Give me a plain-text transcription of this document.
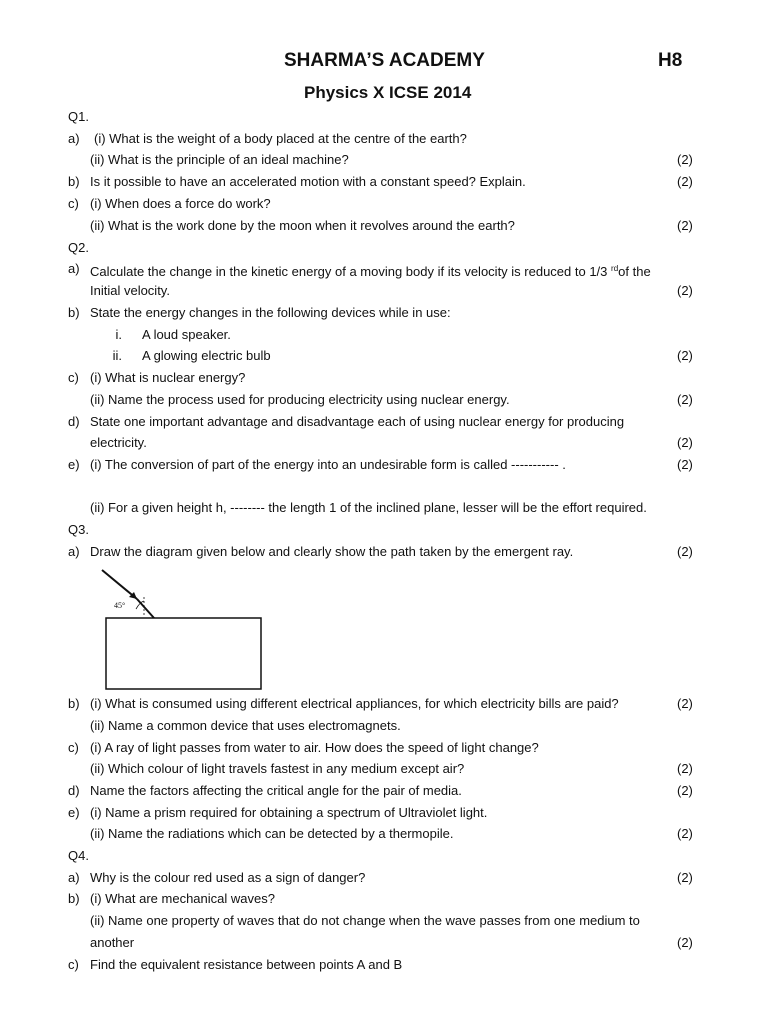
SHARMA’S ACADEMY	H8
Physics X ICSE 2014
Q1.
a) (i) What is the weight of a body placed at the centre of the earth?
(ii) What is the principle of an ideal machine?	(2)
b) Is it possible to have an accelerated motion with a constant speed? Explain.	(2)
c) (i) When does a force do work?
(ii) What is the work done by the moon when it revolves around the earth?	(2)
Q2.
a) Calculate the change in the kinetic energy of a moving body if its velocity is reduced to 1/3 $^{rd}$of the
Initial velocity.	(2)
b) State the energy changes in the following devices while in use:
i. A loud speaker.
ii. A glowing electric bulb	(2)
c) (i) What is nuclear energy?
(ii) Name the process used for producing electricity using nuclear energy.	(2)
d) State one important advantage and disadvantage each of using nuclear energy for producing
electricity.	(2)
e) (i) The conversion of part of the energy into an undesirable form is called ----------- .	(2)
(ii) For a given height h, -------- the length 1 of the inclined plane, lesser will be the effort required.
Q3.
a) Draw the diagram given below and clearly show the path taken by the emergent ray.	(2)
45°
b) (i) What is consumed using different electrical appliances, for which electricity bills are paid?	(2)
(ii) Name a common device that uses electromagnets.
c) (i) A ray of light passes from water to air. How does the speed of light change?
(ii) Which colour of light travels fastest in any medium except air?	(2)
d) Name the factors affecting the critical angle for the pair of media.	(2)
e) (i) Name a prism required for obtaining a spectrum of Ultraviolet light.
(ii) Name the radiations which can be detected by a thermopile.	(2)
Q4.
a) Why is the colour red used as a sign of danger?	(2)
b) (i) What are mechanical waves?
(ii) Name one property of waves that do not change when the wave passes from one medium to
another	(2)
c) Find the equivalent resistance between points A and B
